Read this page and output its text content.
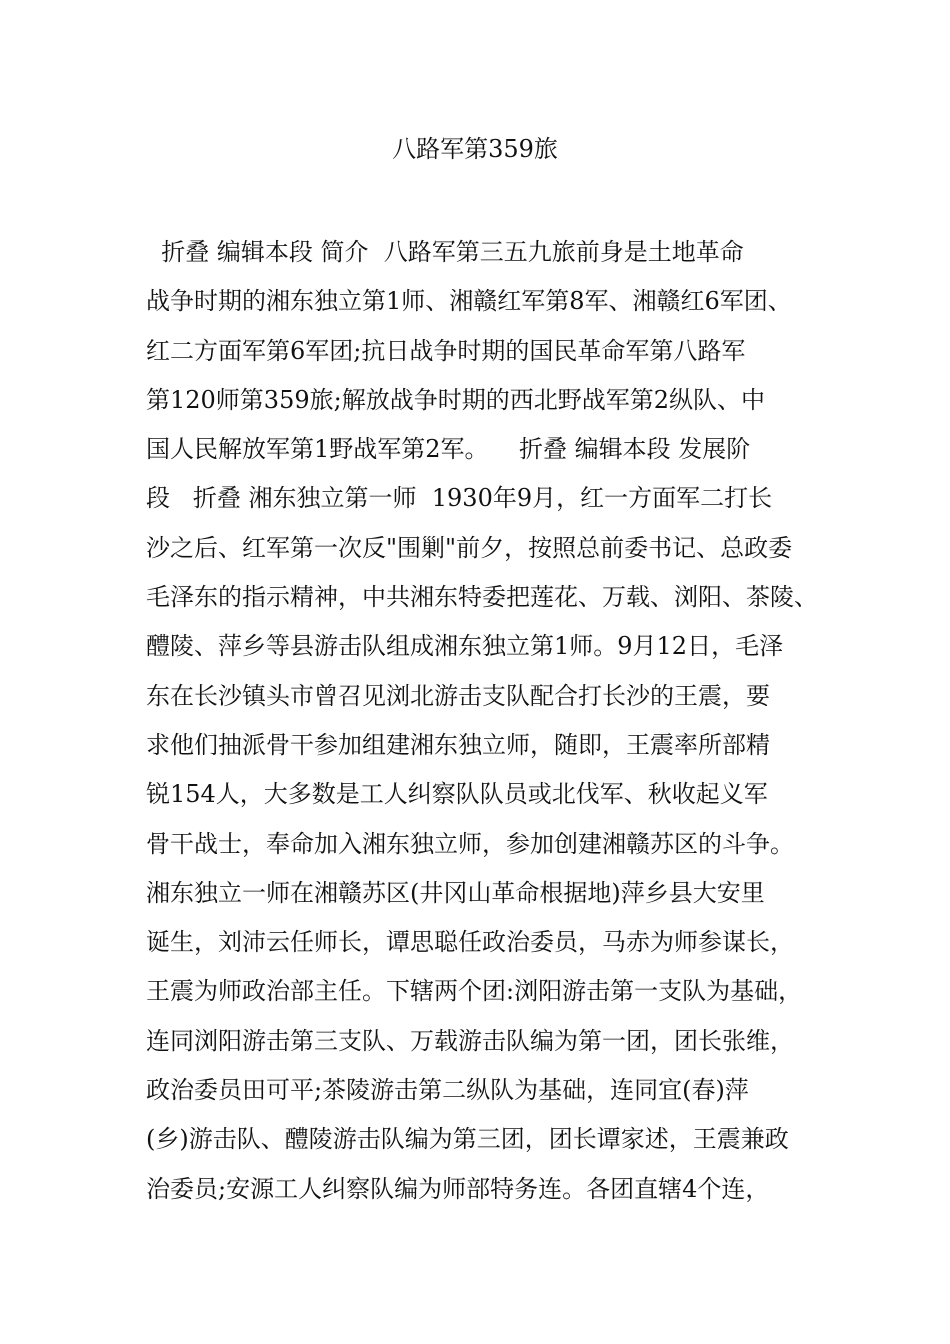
八路军第359旅
折叠 编辑本段 简介  八路军第三五九旅前身是土地革命
战争时期的湘东独立第1师、湘赣红军第8军、湘赣红6军团、
红二方面军第6军团;抗日战争时期的国民革命军第八路军
第120师第359旅;解放战争时期的西北野战军第2纵队、中
国人民解放军第1野战军第2军。    折叠 编辑本段 发展阶
段   折叠 湘东独立第一师  1930年9月，红一方面军二打长
沙之后、红军第一次反"围剿"前夕，按照总前委书记、总政委
毛泽东的指示精神，中共湘东特委把莲花、万载、浏阳、茶陵、
醴陵、萍乡等县游击队组成湘东独立第1师。9月12日，毛泽
东在长沙镇头市曾召见浏北游击支队配合打长沙的王震，要
求他们抽派骨干参加组建湘东独立师，随即，王震率所部精
锐154人，大多数是工人纠察队队员或北伐军、秋收起义军
骨干战士，奉命加入湘东独立师，参加创建湘赣苏区的斗争。
湘东独立一师在湘赣苏区(井冈山革命根据地)萍乡县大安里
诞生，刘沛云任师长，谭思聪任政治委员，马赤为师参谋长，
王震为师政治部主任。下辖两个团:浏阳游击第一支队为基础，
连同浏阳游击第三支队、万载游击队编为第一团，团长张维，
政治委员田可平;茶陵游击第二纵队为基础，连同宜(春)萍
(乡)游击队、醴陵游击队编为第三团，团长谭家述，王震兼政
治委员;安源工人纠察队编为师部特务连。各团直辖4个连，
